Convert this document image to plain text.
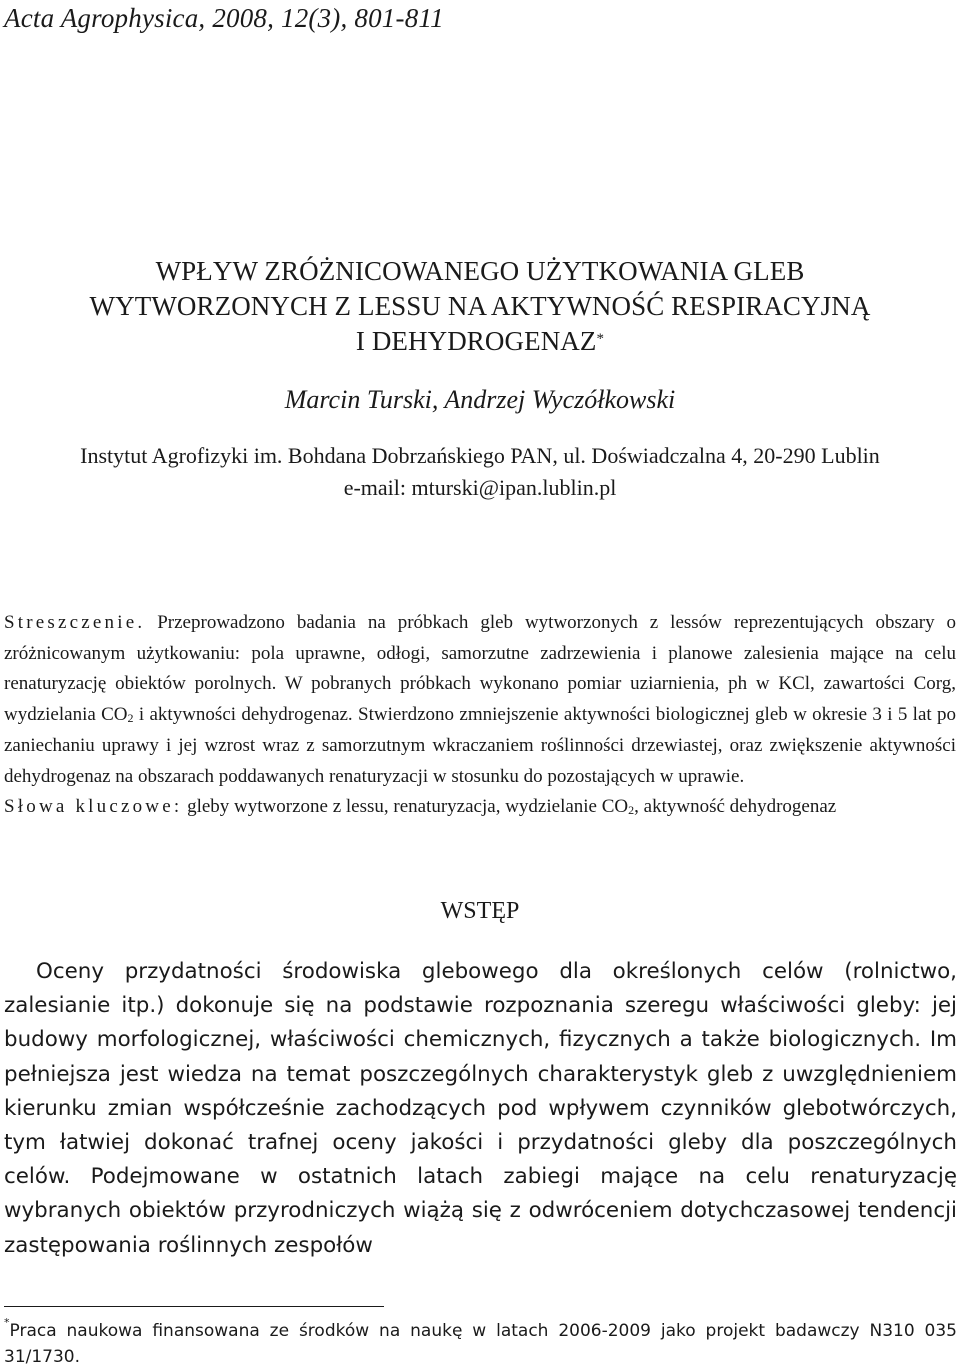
Acta Agrophysica, 2008, 12(3), 801-811
WPŁYW ZRÓŻNICOWANEGO UŻYTKOWANIA GLEB
WYTWORZONYCH Z LESSU NA AKTYWNOŚĆ RESPIRACYJNĄ
I DEHYDROGENAZ*
Marcin Turski, Andrzej Wyczółkowski
Instytut Agrofizyki im. Bohdana Dobrzańskiego PAN, ul. Doświadczalna 4, 20-290 Lublin
e-mail: mturski@ipan.lublin.pl

Streszczenie. Przeprowadzono badania na próbkach gleb wytworzonych z lessów reprezentujących obszary o zróżnicowanym użytkowaniu: pola uprawne, odłogi, samorzutne zadrzewienia i planowe zalesienia mające na celu renaturyzację obiektów porolnych. W pobranych próbkach wykonano pomiar uziarnienia, ph w KCl, zawartości Corg, wydzielania $CO_2$ i aktywności dehydrogenaz. Stwierdzono zmniejszenie aktywności biologicznej gleb w okresie 3 i 5 lat po zaniechaniu uprawy i jej wzrost wraz z samorzutnym wkraczaniem roślinności drzewiastej, oraz zwiększenie aktywności dehydrogenaz na obszarach poddawanych renaturyzacji w stosunku do pozostających w uprawie.

Słowa kluczowe: gleby wytworzone z lessu, renaturyzacja, wydzielanie $CO_2$, aktywność dehydrogenaz

WSTĘP

Oceny przydatności środowiska glebowego dla określonych celów (rolnictwo, zalesianie itp.) dokonuje się na podstawie rozpoznania szeregu właściwości gleby: jej budowy morfologicznej, właściwości chemicznych, fizycznych a także biologicznych. Im pełniejsza jest wiedza na temat poszczególnych charakterystyk gleb z uwzględnieniem kierunku zmian współcześnie zachodzących pod wpływem czynników glebotwórczych, tym łatwiej dokonać trafnej oceny jakości i przydatności gleby dla poszczególnych celów. Podejmowane w ostatnich latach zabiegi mające na celu renaturyzację wybranych obiektów przyrodniczych wiążą się z odwróceniem dotychczasowej tendencji zastępowania roślinnych zespołów

*Praca naukowa finansowana ze środków na naukę w latach 2006-2009 jako projekt badawczy N310 035 31/1730.
